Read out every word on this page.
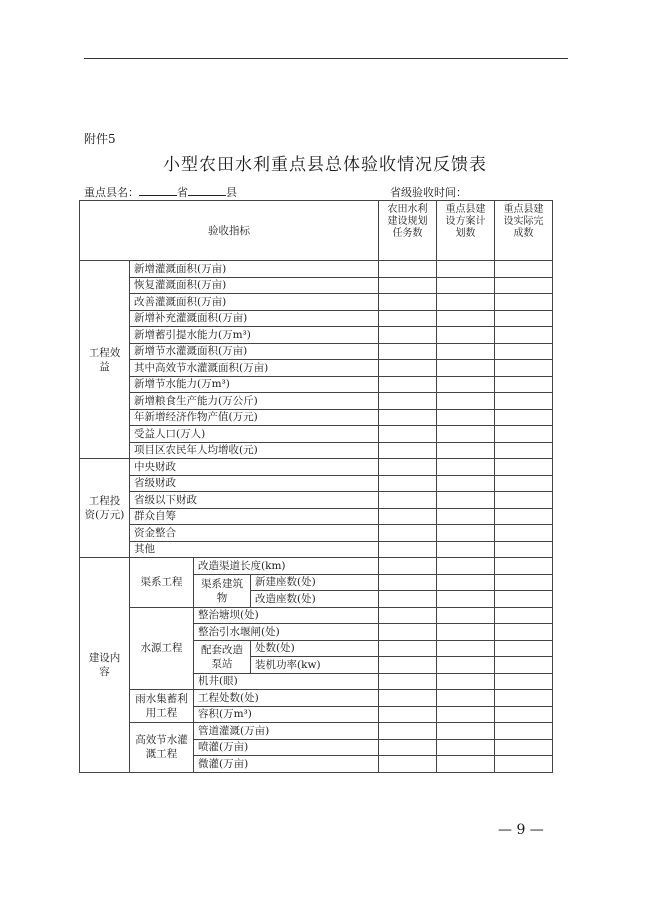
附件5
小型农田水利重点县总体验收情况反馈表
重点县名：	省	县	省级验收时间：
验收指标				农田水利建设规划任务数	重点县建设方案计划数	重点县建设实际完成数
工程效益	新增灌溉面积(万亩)					
	恢复灌溉面积(万亩)					
	改善灌溉面积(万亩)					
	新增补充灌溉面积(万亩)					
	新增蓄引提水能力(万m³)					
	新增节水灌溉面积(万亩)					
	其中高效节水灌溉面积(万亩)					
	新增节水能力(万m³)					
	新增粮食生产能力(万公斤)					
	年新增经济作物产值(万元)					
	受益人口(万人)					
	项目区农民年人均增收(元)					
工程投资(万元)	中央财政					
	省级财政					
	省级以下财政					
	群众自筹					
	资金整合					
	其他					
建设内容	渠系工程	改造渠道长度(km)				
		渠系建筑物	新建座数(处)			
			改造座数(处)			
	水源工程	整治塘坝(处)				
		整治引水堰闸(处)				
		配套改造泵站	处数(处)			
			装机功率(kw)			
		机井(眼)				
	雨水集蓄利用工程	工程处数(处)				
		容积(万m³)				
	高效节水灌溉工程	管道灌溉(万亩)				
		喷灌(万亩)				
		微灌(万亩)				
— 9 —
